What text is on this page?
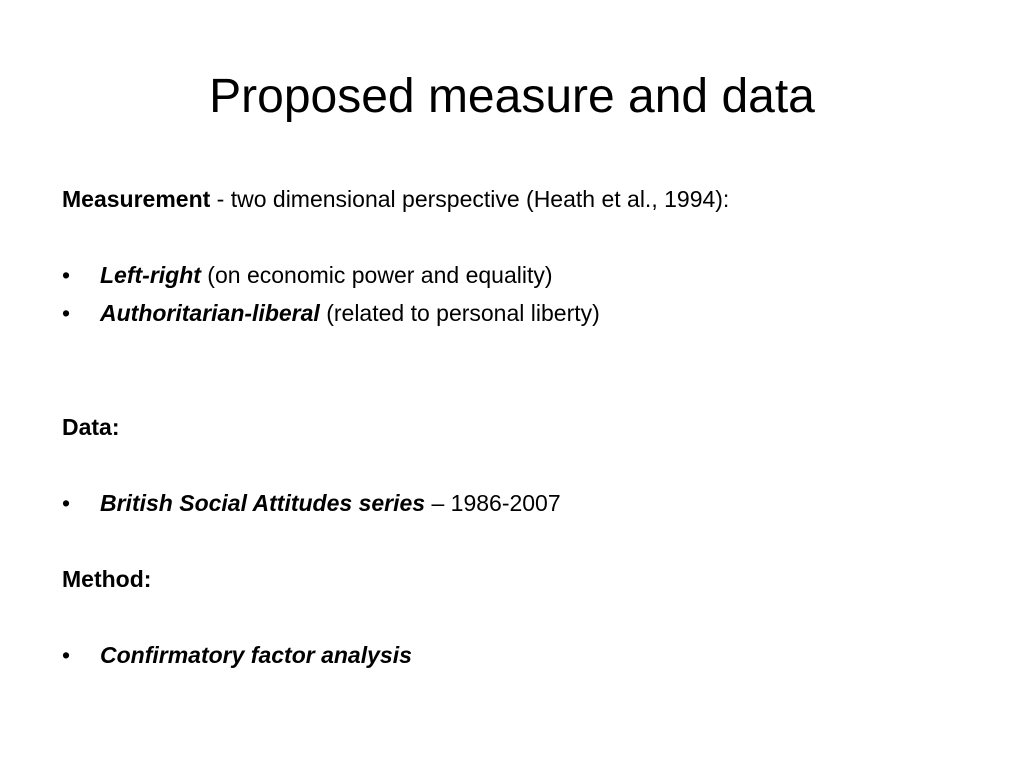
Proposed measure and data
Measurement - two dimensional perspective (Heath et al., 1994):
• Left-right (on economic power and equality)
• Authoritarian-liberal (related to personal liberty)
Data:
• British Social Attitudes series – 1986-2007
Method:
• Confirmatory factor analysis
